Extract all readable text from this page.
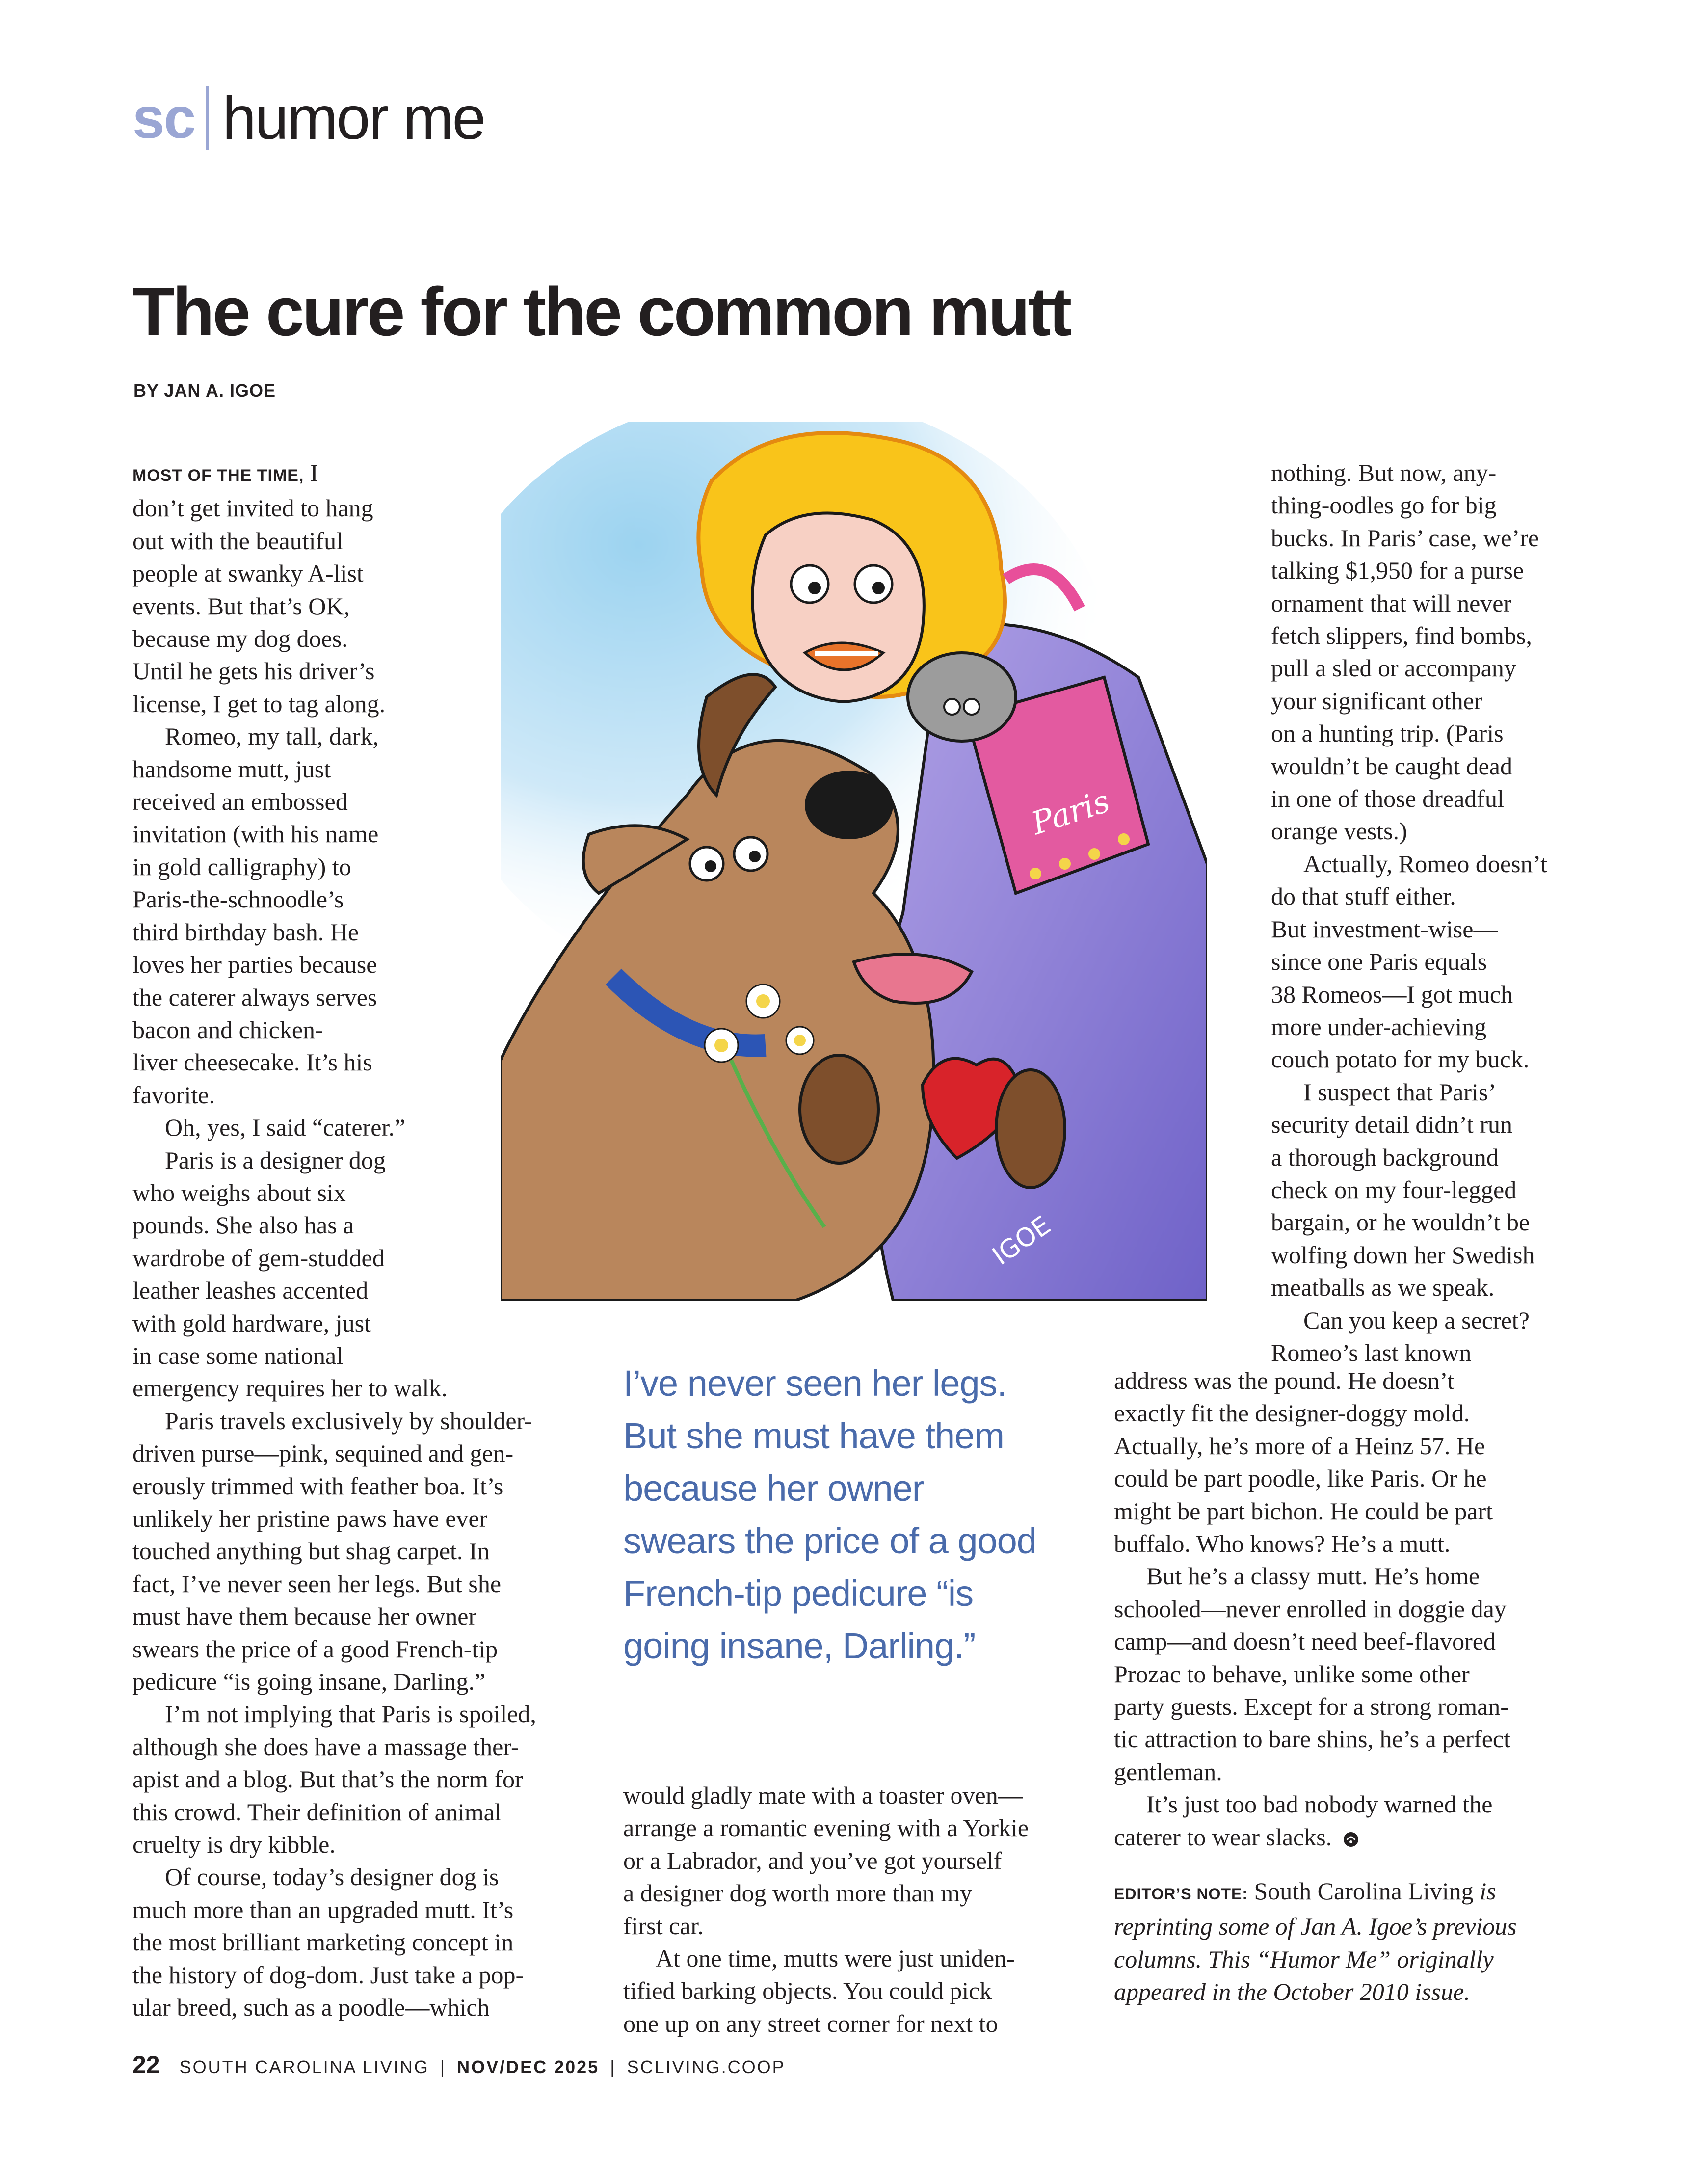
sc humor me
The cure for the common mutt
BY JAN A. IGOE
MOST OF THE TIME, I
don’t get invited to hang
out with the beautiful
people at swanky A-list
events. But that’s OK,
because my dog does.
Until he gets his driver’s
license, I get to tag along.
Romeo, my tall, dark,
handsome mutt, just
received an embossed
invitation (with his name
in gold calligraphy) to
Paris-the-schnoodle’s
third birthday bash. He
loves her parties because
the caterer always serves
bacon and chicken-
liver cheesecake. It’s his
favorite.
Oh, yes, I said “caterer.”
Paris is a designer dog
who weighs about six
pounds. She also has a
wardrobe of gem-studded
leather leashes accented
with gold hardware, just
in case some national
emergency requires her to walk.
Paris travels exclusively by shoulder-
driven purse—pink, sequined and gen-
erously trimmed with feather boa. It’s
unlikely her pristine paws have ever
touched anything but shag carpet. In
fact, I’ve never seen her legs. But she
must have them because her owner
swears the price of a good French-tip
pedicure “is going insane, Darling.”
I’m not implying that Paris is spoiled,
although she does have a massage ther-
apist and a blog. But that’s the norm for
this crowd. Their definition of animal
cruelty is dry kibble.
Of course, today’s designer dog is
much more than an upgraded mutt. It’s
the most brilliant marketing concept in
the history of dog-dom. Just take a pop-
ular breed, such as a poodle—which
Paris
IGOE
I’ve never seen her legs.
But she must have them
because her owner
swears the price of a good
French-tip pedicure “is
going insane, Darling.”
would gladly mate with a toaster oven—
arrange a romantic evening with a Yorkie
or a Labrador, and you’ve got yourself
a designer dog worth more than my
first car.
At one time, mutts were just uniden-
tified barking objects. You could pick
one up on any street corner for next to
nothing. But now, any-
thing-oodles go for big
bucks. In Paris’ case, we’re
talking $1,950 for a purse
ornament that will never
fetch slippers, find bombs,
pull a sled or accompany
your significant other
on a hunting trip. (Paris
wouldn’t be caught dead
in one of those dreadful
orange vests.)
Actually, Romeo doesn’t
do that stuff either.
But investment-wise—
since one Paris equals
38 Romeos—I got much
more under-achieving
couch potato for my buck.
I suspect that Paris’
security detail didn’t run
a thorough background
check on my four-legged
bargain, or he wouldn’t be
wolfing down her Swedish
meatballs as we speak.
Can you keep a secret?
Romeo’s last known
address was the pound. He doesn’t
exactly fit the designer-doggy mold.
Actually, he’s more of a Heinz 57. He
could be part poodle, like Paris. Or he
might be part bichon. He could be part
buffalo. Who knows? He’s a mutt.
But he’s a classy mutt. He’s home
schooled—never enrolled in doggie day
camp—and doesn’t need beef-flavored
Prozac to behave, unlike some other
party guests. Except for a strong roman-
tic attraction to bare shins, he’s a perfect
gentleman.
It’s just too bad nobody warned the
caterer to wear slacks.
EDITOR’S NOTE: South Carolina Living is
reprinting some of Jan A. Igoe’s previous
columns. This “Humor Me” originally
appeared in the October 2010 issue.
22 SOUTH CAROLINA LIVING | NOV/DEC 2025 | SCLIVING.COOP
